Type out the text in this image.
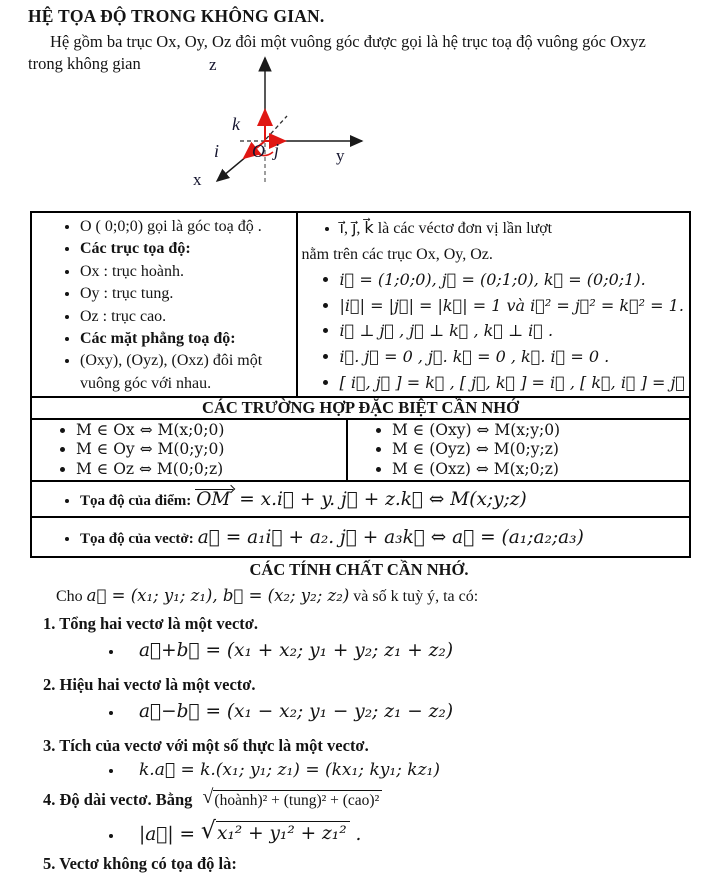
HỆ TỌA ĐỘ TRONG KHÔNG GIAN.
Hệ gồm ba trục Ox, Oy, Oz đôi một vuông góc được gọi là hệ trục toạ độ vuông góc Oxyz
trong không gian	z
y
x
O
i⃗ j⃗
k⃗
• O ( 0;0;0) gọi là góc toạ độ .
• Các trục tọa độ:
• Ox : trục hoành.
• Oy : trục tung.
• Oz : trục cao.
• Các mặt phẳng toạ độ:
• (Oxy), (Oyz), (Oxz) đôi một vuông góc với nhau.
• i⃗, j⃗, k⃗ là các véctơ đơn vị lần lượt
nằm trên các trục Ox, Oy, Oz.
• i⃗ = (1;0;0), j⃗ = (0;1;0), k⃗ = (0;0;1).
• |i⃗| = |j⃗| = |k⃗| = 1 và i⃗² = j⃗² = k⃗² = 1.
• i⃗ ⊥ j⃗ , j⃗ ⊥ k⃗ , k⃗ ⊥ i⃗ .
• i⃗. j⃗ = 0 , j⃗. k⃗ = 0 , k⃗. i⃗ = 0 .
• [ i⃗, j⃗ ] = k⃗ , [ j⃗, k⃗ ] = i⃗ , [ k⃗, i⃗ ] = j⃗
CÁC TRƯỜNG HỢP ĐẶC BIỆT CẦN NHỚ
• M ∈ Ox ⇔ M(x;0;0)
• M ∈ Oy ⇔ M(0;y;0)
• M ∈ Oz ⇔ M(0;0;z)
• M ∈ (Oxy) ⇔ M(x;y;0)
• M ∈ (Oyz) ⇔ M(0;y;z)
• M ∈ (Oxz) ⇔ M(x;0;z)
• Tọa độ của điểm: OM = x.i⃗ + y. j⃗ + z.k⃗ ⇔ M(x;y;z)
• Tọa độ của vectở: a⃗ = a₁i⃗ + a₂. j⃗ + a₃k⃗ ⇔ a⃗ = (a₁;a₂;a₃)
CÁC TÍNH CHẤT CẦN NHỚ.
Cho a⃗ = (x₁; y₁; z₁), b⃗ = (x₂; y₂; z₂) và số k tuỳ ý, ta có:
1. Tổng hai vectơ là một vectơ.
• a⃗+b⃗ = (x₁ + x₂; y₁ + y₂; z₁ + z₂)
2. Hiệu hai vectơ là một vectơ.
• a⃗−b⃗ = (x₁ − x₂; y₁ − y₂; z₁ − z₂)
3. Tích của vectơ với một số thực là một vectơ.
• k.a⃗ = k.(x₁; y₁; z₁) = (kx₁; ky₁; kz₁)
4. Độ dài vectơ. Bằng √ (hoành)² + (tung)² + (cao)²
• |a⃗| = √ x₁² + y₁² + z₁² .
5. Vectơ không có tọa độ là:
